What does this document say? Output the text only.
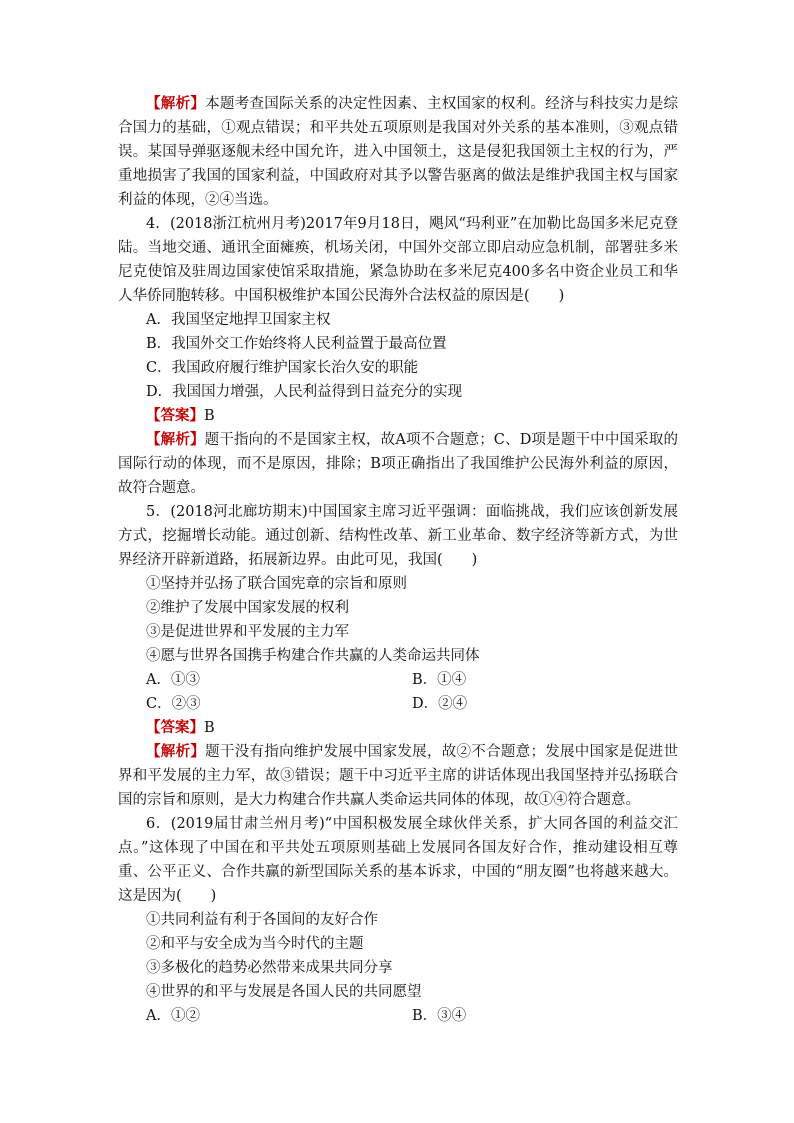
【解析】本题考查国际关系的决定性因素、主权国家的权利。经济与科技实力是综合国力的基础，①观点错误；和平共处五项原则是我国对外关系的基本准则，③观点错误。某国导弹驱逐舰未经中国允许，进入中国领土，这是侵犯我国领土主权的行为，严重地损害了我国的国家利益，中国政府对其予以警告驱离的做法是维护我国主权与国家利益的体现，②④当选。

4．(2018浙江杭州月考)2017年9月18日，飓风“玛利亚”在加勒比岛国多米尼克登陆。当地交通、通讯全面瘫痪，机场关闭，中国外交部立即启动应急机制，部署驻多米尼克使馆及驻周边国家使馆采取措施，紧急协助在多米尼克400多名中资企业员工和华人华侨同胞转移。中国积极维护本国公民海外合法权益的原因是(　　)

A．我国坚定地捍卫国家主权

B．我国外交工作始终将人民利益置于最高位置

C．我国政府履行维护国家长治久安的职能

D．我国国力增强，人民利益得到日益充分的实现

【答案】B

【解析】题干指向的不是国家主权，故A项不合题意；C、D项是题干中中国采取的国际行动的体现，而不是原因，排除；B项正确指出了我国维护公民海外利益的原因，故符合题意。

5．(2018河北廊坊期末)中国国家主席习近平强调：面临挑战，我们应该创新发展方式，挖掘增长动能。通过创新、结构性改革、新工业革命、数字经济等新方式，为世界经济开辟新道路，拓展新边界。由此可见，我国(　　)

①坚持并弘扬了联合国宪章的宗旨和原则

②维护了发展中国家发展的权利

③是促进世界和平发展的主力军

④愿与世界各国携手构建合作共赢的人类命运共同体

A．①③	B．①④
C．②③	D．②④

【答案】B

【解析】题干没有指向维护发展中国家发展，故②不合题意；发展中国家是促进世界和平发展的主力军，故③错误；题干中习近平主席的讲话体现出我国坚持并弘扬联合国的宗旨和原则，是大力构建合作共赢人类命运共同体的体现，故①④符合题意。

6．(2019届甘肃兰州月考)“中国积极发展全球伙伴关系，扩大同各国的利益交汇点。”这体现了中国在和平共处五项原则基础上发展同各国友好合作，推动建设相互尊重、公平正义、合作共赢的新型国际关系的基本诉求，中国的“朋友圈”也将越来越大。这是因为(　　)

①共同利益有利于各国间的友好合作

②和平与安全成为当今时代的主题

③多极化的趋势必然带来成果共同分享

④世界的和平与发展是各国人民的共同愿望

A．①②	B．③④
